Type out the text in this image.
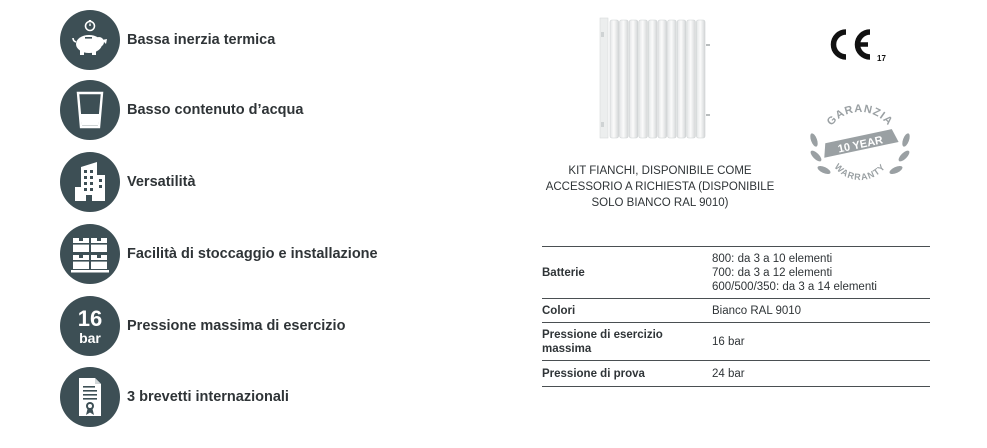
Bassa inerzia termica
Basso contenuto d’acqua
Versatilità
Facilità di stoccaggio e installazione
16
bar
Pressione massima di esercizio
3 brevetti internazionali
KIT FIANCHI, DISPONIBILE COME
ACCESSORIO A RICHIESTA (DISPONIBILE
SOLO BIANCO RAL 9010)
17
GARANZIA
10 YEAR
WARRANTY
Batterie	800: da 3 a 10 elementi
700: da 3 a 12 elementi
600/500/350: da 3 a 14 elementi

Colori	Bianco RAL 9010
Pressione di esercizio massima	16 bar
Pressione di prova	24 bar
